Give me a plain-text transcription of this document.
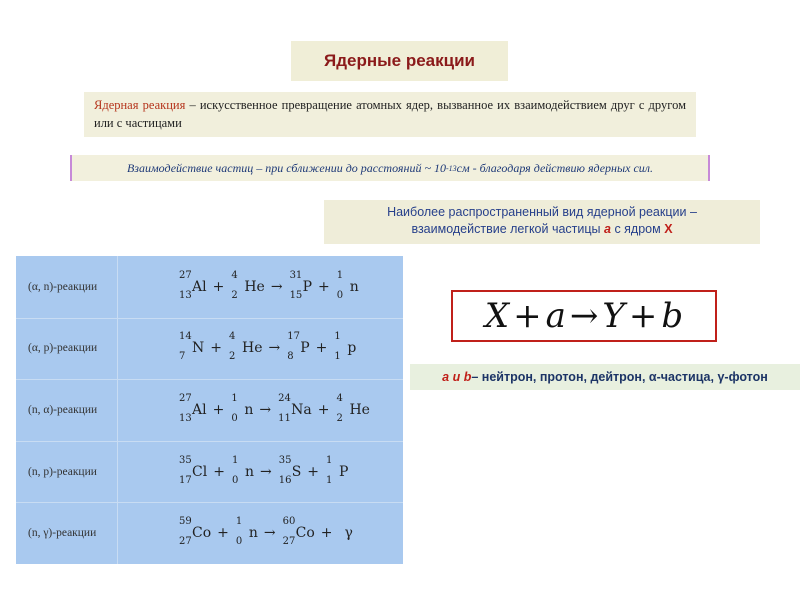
Ядерные реакции
Ядерная реакция – искусственное превращение атомных ядер, вызванное их взаимодействием друг с другом или с частицами
Взаимодействие частиц – при сближении до расстояний ~ 10 -13 см - благодаря действию ядерных сил.
Наиболее распространенный вид ядерной реакции –
взаимодействие легкой частицы a с ядром X
(α, n)-реакции
27
13
Al +
4
2
He →
31
15
P +
1
0
n
(α, p)-реакции
14
7
N +
4
2
He →
17
8
P +
1
1
p
(n, α)-реакции
27
13
Al +
1
0
n →
24
11
Na +
4
2
He
(n, p)-реакции
35
17
Cl +
1
0
n →
35
16
S +
1
1
P
(n, γ)-реакции
59
27
Co +
1
0
n →
60
27
Co + γ
X + a → Y + b
a и b – нейтрон, протон, дейтрон, α-частица, γ-фотон
